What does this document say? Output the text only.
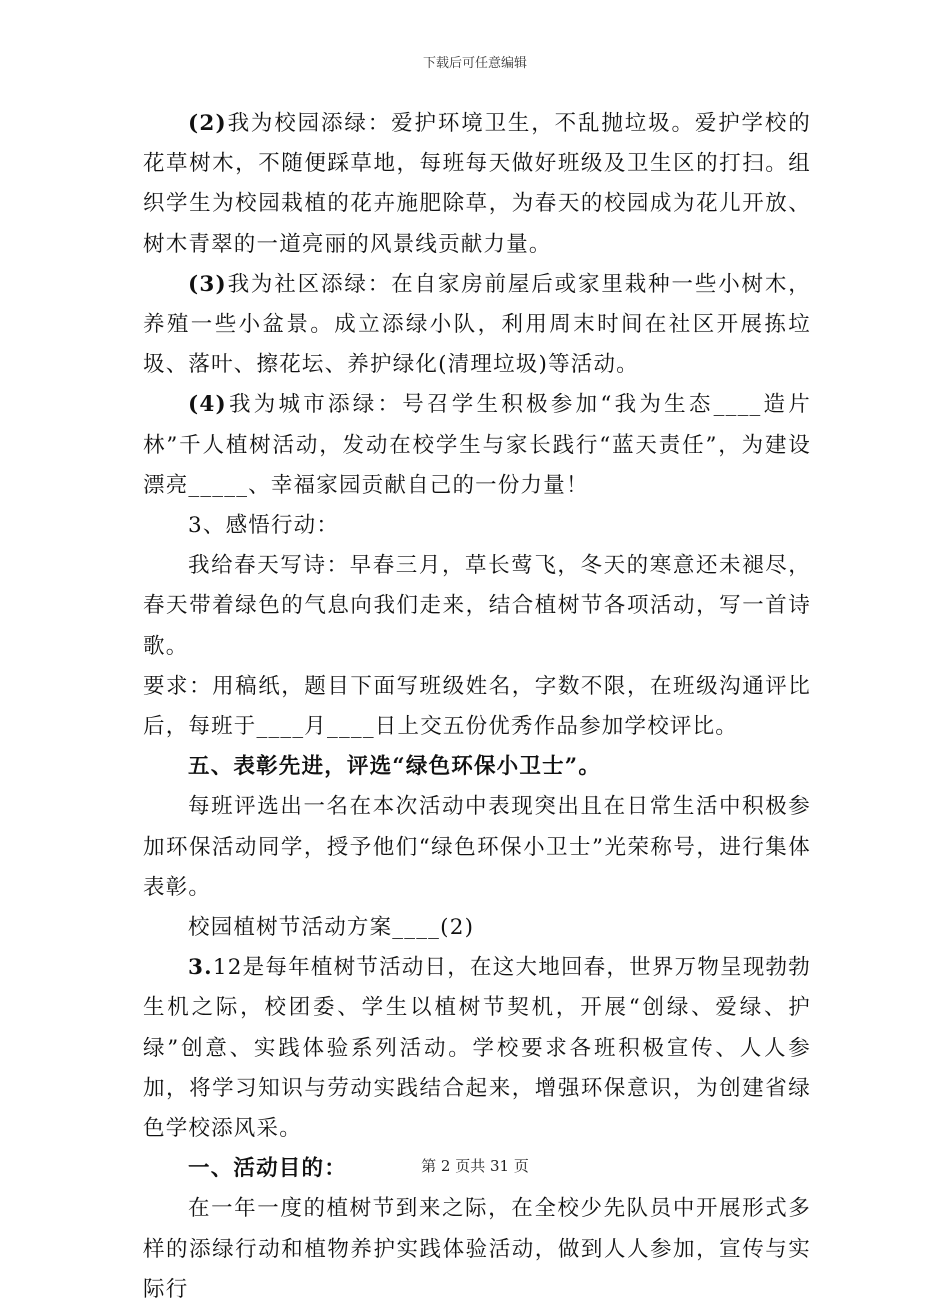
下载后可任意编辑

(2)我为校园添绿：爱护环境卫生，不乱抛垃圾。爱护学校的花草树木，不随便踩草地，每班每天做好班级及卫生区的打扫。组织学生为校园栽植的花卉施肥除草，为春天的校园成为花儿开放、树木青翠的一道亮丽的风景线贡献力量。

(3)我为社区添绿：在自家房前屋后或家里栽种一些小树木，养殖一些小盆景。成立添绿小队，利用周末时间在社区开展拣垃圾、落叶、擦花坛、养护绿化(清理垃圾)等活动。

(4)我为城市添绿：号召学生积极参加“我为生态____造片林”千人植树活动，发动在校学生与家长践行“蓝天责任”，为建设漂亮_____、幸福家园贡献自己的一份力量！

3、感悟行动：

我给春天写诗：早春三月，草长莺飞，冬天的寒意还未褪尽，春天带着绿色的气息向我们走来，结合植树节各项活动，写一首诗歌。

要求：用稿纸，题目下面写班级姓名，字数不限，在班级沟通评比后，每班于____月____日上交五份优秀作品参加学校评比。

五、表彰先进，评选“绿色环保小卫士”。

每班评选出一名在本次活动中表现突出且在日常生活中积极参加环保活动同学，授予他们“绿色环保小卫士”光荣称号，进行集体表彰。

校园植树节活动方案____(2)

3.12是每年植树节活动日，在这大地回春，世界万物呈现勃勃生机之际，校团委、学生以植树节契机，开展“创绿、爱绿、护绿”创意、实践体验系列活动。学校要求各班积极宣传、人人参加，将学习知识与劳动实践结合起来，增强环保意识，为创建省绿色学校添风采。

一、活动目的：

在一年一度的植树节到来之际，在全校少先队员中开展形式多样的添绿行动和植物养护实践体验活动，做到人人参加，宣传与实际行

第 2 页共 31 页
